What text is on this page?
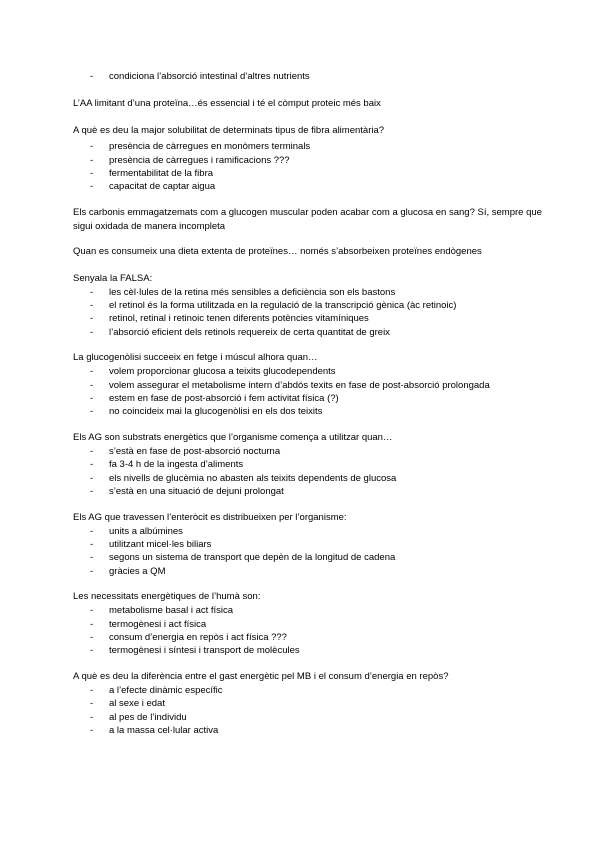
- condiciona l’absorció intestinal d’altres nutrients
L’AA limitant d’una proteïna…és essencial i té el còmput proteic més baix
A què es deu la major solubilitat de determinats tipus de fibra alimentària?
- presència de càrregues en monòmers terminals
- presència de càrregues i ramificacions ???
- fermentabilitat de la fibra
- capacitat de captar aigua
Els carbonis emmagatzemats com a glucogen muscular poden acabar com a glucosa en sang? Sí, sempre que sigui oxidada de manera incompleta
Quan es consumeix una dieta extenta de proteïnes… només s’absorbeixen proteïnes endògenes
Senyala la FALSA:
- les cèl·lules de la retina més sensibles a deficiència son els bastons
- el retinol és la forma utilitzada en la regulació de la transcripció gènica (àc retinoic)
- retinol, retinal i retinoic tenen diferents potències vitamíniques
- l’absorció eficient dels retinols requereix de certa quantitat de greix
La glucogenòlisi succeeix en fetge i múscul alhora quan…
- volem proporcionar glucosa a teixits glucodependents
- volem assegurar el metabolisme intern d’abdós texits en fase de post-absorció prolongada
- estem en fase de post-absorció i fem activitat física (?)
- no coincideix mai la glucogenòlisi en els dos teixits
Els AG son substrats energètics que l’organisme comença a utilitzar quan…
- s’està en fase de post-absorció nocturna
- fa 3-4 h de la ingesta d’aliments
- els nivells de glucèmia no abasten als teixits dependents de glucosa
- s’està en una situació de dejuni prolongat
Els AG que travessen l’enteròcit es distribueixen per l’organisme:
- units a albúmines
- utilitzant micel·les biliars
- segons un sistema de transport que depèn de la longitud de cadena
- gràcies a QM
Les necessitats energètiques de l’humà son:
- metabolisme basal i act física
- termogènesi i act física
- consum d’energia en repòs i act física ???
- termogènesi i síntesi i transport de molècules
A què es deu la diferència entre el gast energètic pel MB i el consum d’energia en repòs?
- a l’efecte dinàmic específic
- al sexe i edat
- al pes de l’individu
- a la massa cel·lular activa
